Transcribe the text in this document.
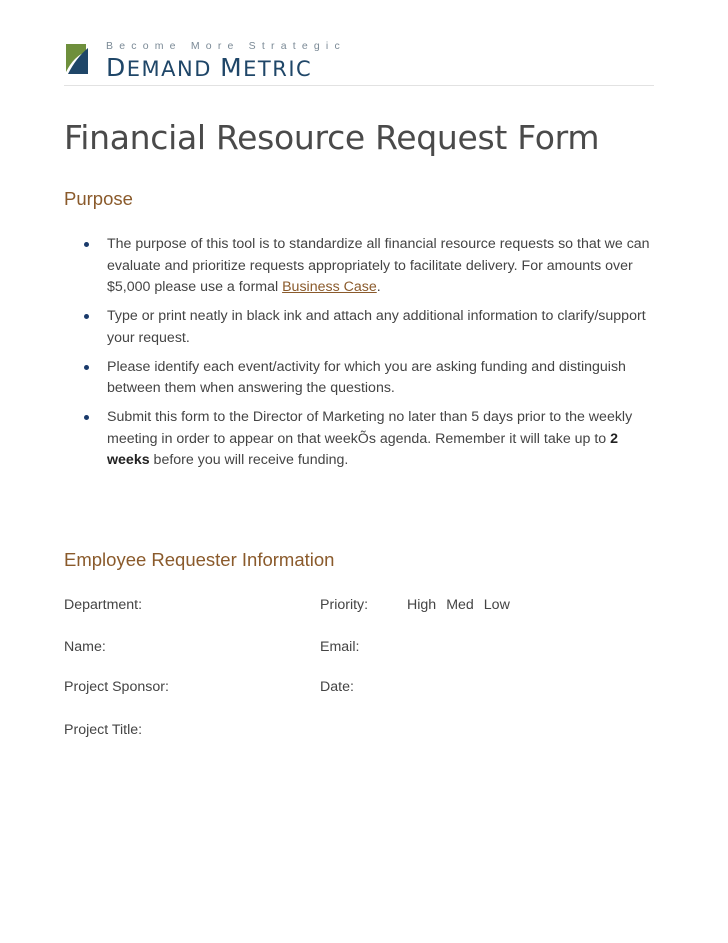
Become More Strategic
DEMAND METRIC
Financial Resource Request Form
Purpose
The purpose of this tool is to standardize all financial resource requests so that we can evaluate and prioritize requests appropriately to facilitate delivery. For amounts over $5,000 please use a formal Business Case.
Type or print neatly in black ink and attach any additional information to clarify/support your request.
Please identify each event/activity for which you are asking funding and distinguish between them when answering the questions.
Submit this form to the Director of Marketing no later than 5 days prior to the weekly meeting in order to appear on that weekÕs agenda. Remember it will take up to 2 weeks before you will receive funding.
Employee Requester Information
Department:	Priority:	High Med Low
Name:	Email:
Project Sponsor:	Date:
Project Title:
